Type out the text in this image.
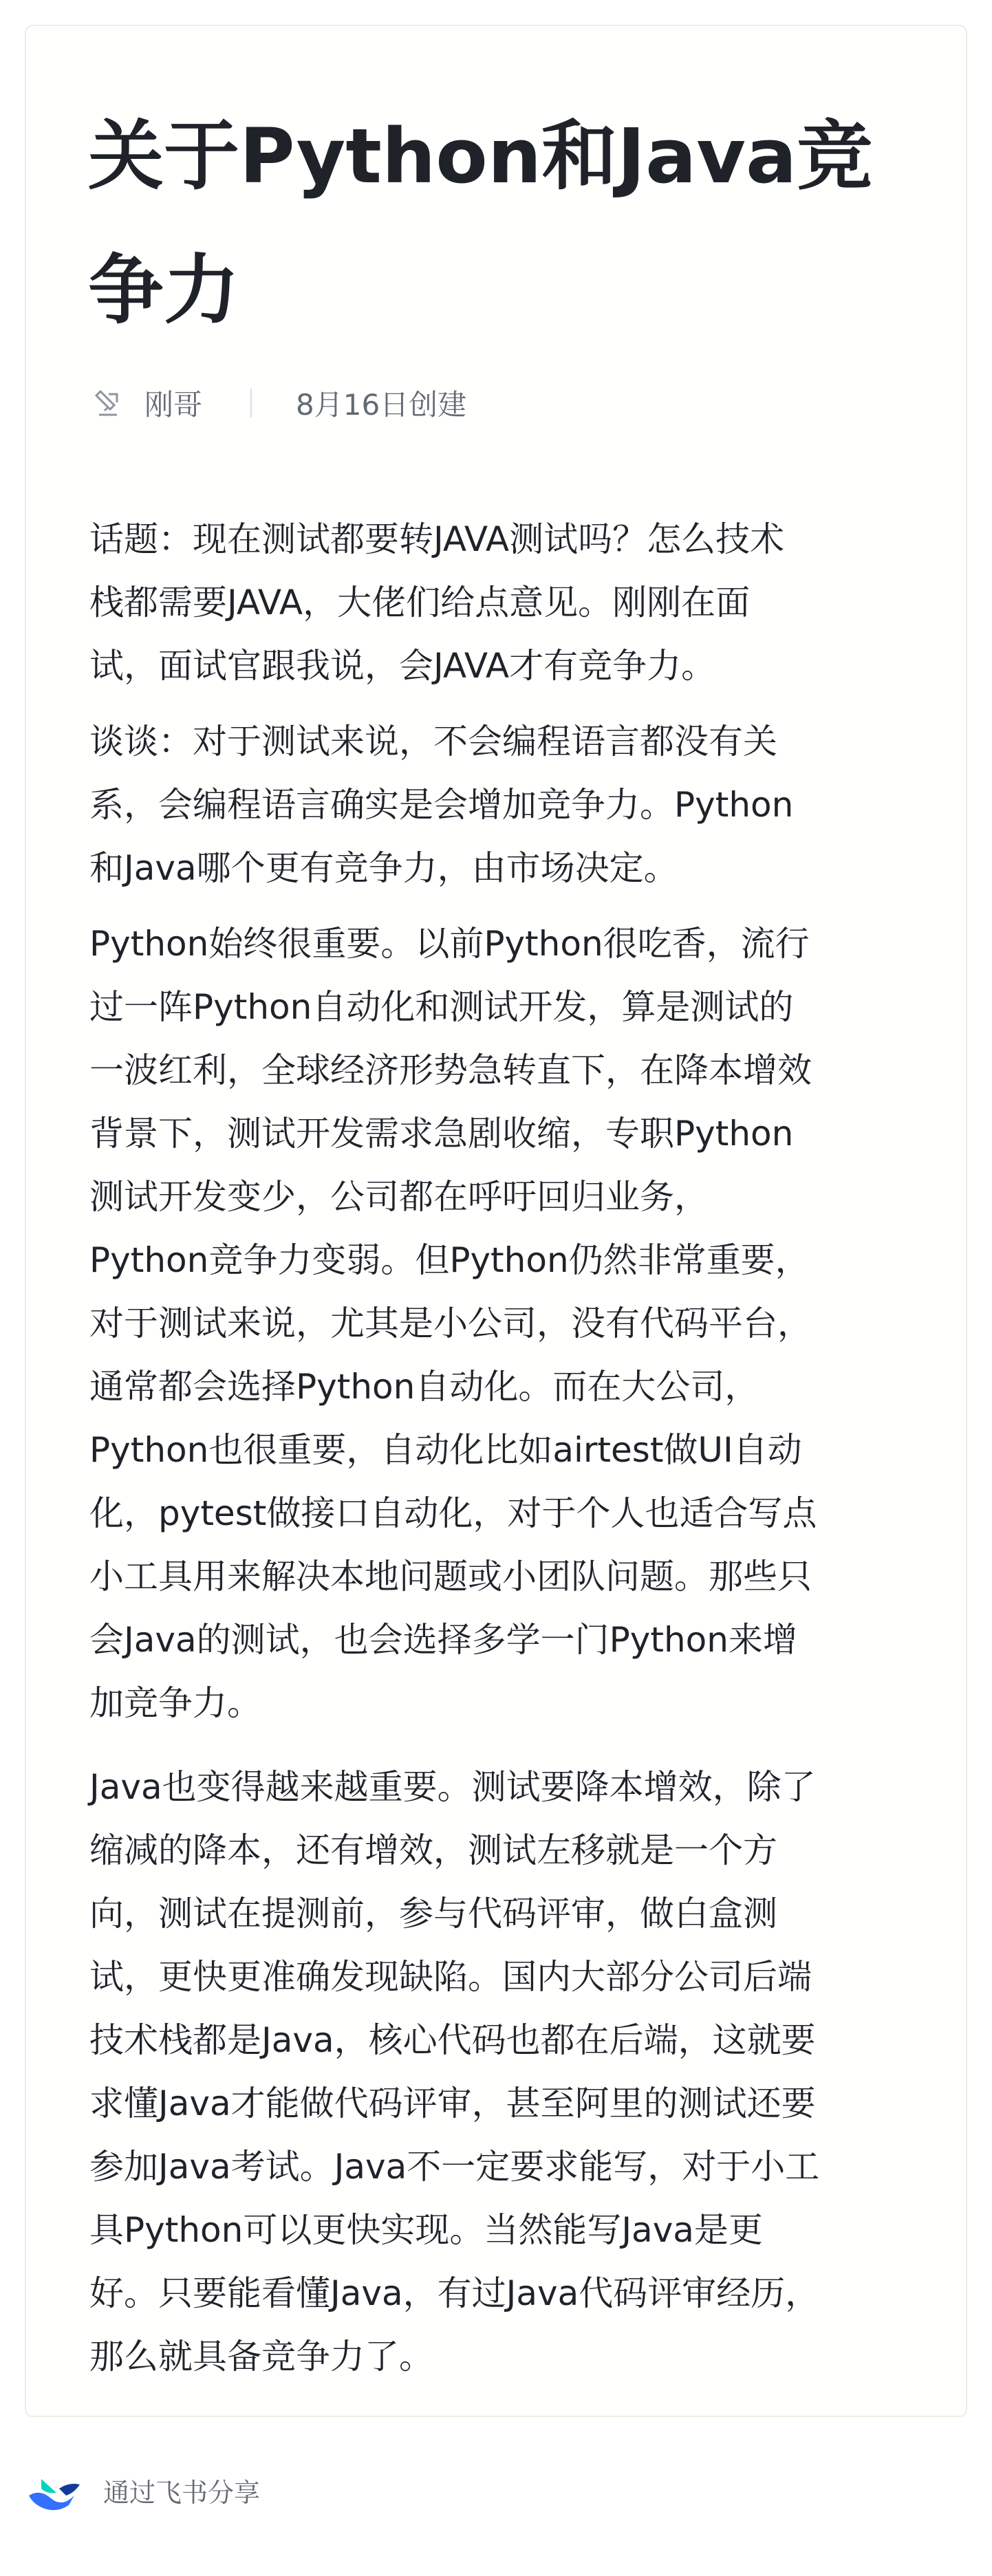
关于Python和Java竞争力
刚哥	8月16日创建

话题：现在测试都要转JAVA测试吗？怎么技术
栈都需要JAVA，大佬们给点意见。刚刚在面
试，面试官跟我说，会JAVA才有竞争力。

谈谈：对于测试来说，不会编程语言都没有关
系，会编程语言确实是会增加竞争力。Python
和Java哪个更有竞争力，由市场决定。

Python始终很重要。以前Python很吃香，流行
过一阵Python自动化和测试开发，算是测试的
一波红利，全球经济形势急转直下，在降本增效
背景下，测试开发需求急剧收缩，专职Python
测试开发变少，公司都在呼吁回归业务，
Python竞争力变弱。但Python仍然非常重要，
对于测试来说，尤其是小公司，没有代码平台，
通常都会选择Python自动化。而在大公司，
Python也很重要，自动化比如airtest做UI自动
化，pytest做接口自动化，对于个人也适合写点
小工具用来解决本地问题或小团队问题。那些只
会Java的测试，也会选择多学一门Python来增
加竞争力。

Java也变得越来越重要。测试要降本增效，除了
缩减的降本，还有增效，测试左移就是一个方
向，测试在提测前，参与代码评审，做白盒测
试，更快更准确发现缺陷。国内大部分公司后端
技术栈都是Java，核心代码也都在后端，这就要
求懂Java才能做代码评审，甚至阿里的测试还要
参加Java考试。Java不一定要求能写，对于小工
具Python可以更快实现。当然能写Java是更
好。只要能看懂Java，有过Java代码评审经历，
那么就具备竞争力了。

通过飞书分享
